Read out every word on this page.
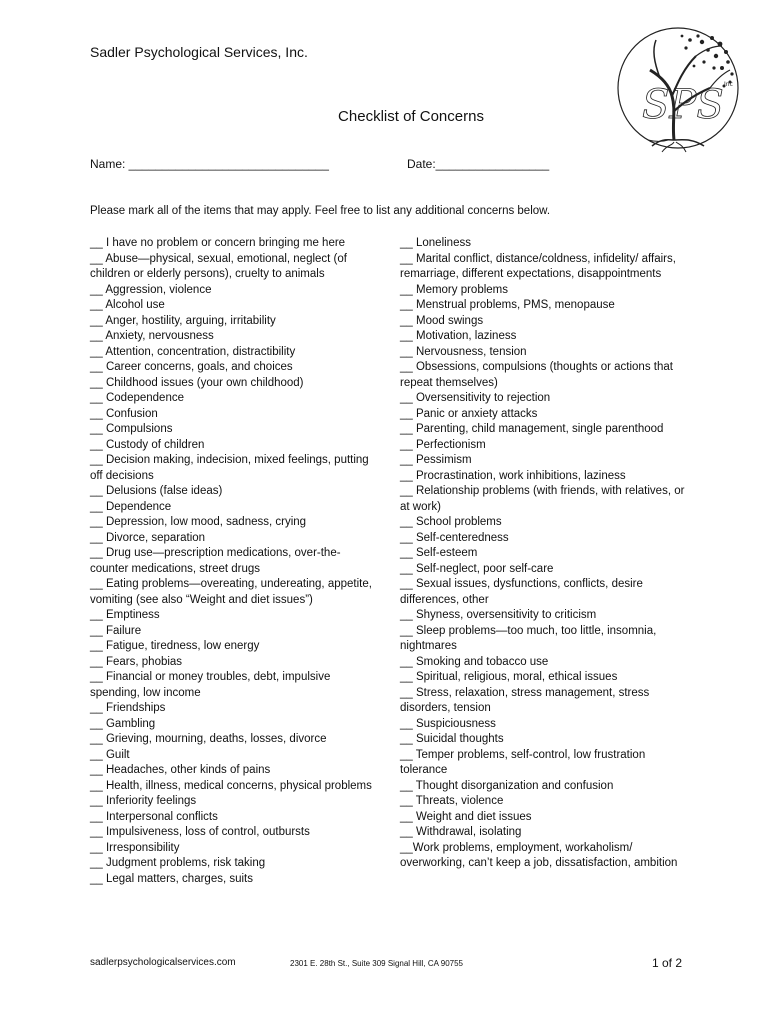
Sadler Psychological Services, Inc.
SPS Inc
Checklist of Concerns
Name: ______________________________	Date:_________________
Please mark all of the items that may apply. Feel free to list any additional concerns below.

__ I have no problem or concern bringing me here

__ Abuse—physical, sexual, emotional, neglect (of children or elderly persons), cruelty to animals

__ Aggression, violence

__ Alcohol use

__ Anger, hostility, arguing, irritability

__ Anxiety, nervousness

__ Attention, concentration, distractibility

__ Career concerns, goals, and choices

__ Childhood issues (your own childhood)

__ Codependence

__ Confusion

__ Compulsions

__ Custody of children

__ Decision making, indecision, mixed feelings, putting off decisions

__ Delusions (false ideas)

__ Dependence

__ Depression, low mood, sadness, crying

__ Divorce, separation

__ Drug use—prescription medications, over-the-counter medications, street drugs

__ Eating problems—overeating, undereating, appetite, vomiting (see also “Weight and diet issues”)

__ Emptiness

__ Failure

__ Fatigue, tiredness, low energy

__ Fears, phobias

__ Financial or money troubles, debt, impulsive spending, low income

__ Friendships

__ Gambling

__ Grieving, mourning, deaths, losses, divorce

__ Guilt

__ Headaches, other kinds of pains

__ Health, illness, medical concerns, physical problems

__ Inferiority feelings

__ Interpersonal conflicts

__ Impulsiveness, loss of control, outbursts

__ Irresponsibility

__ Judgment problems, risk taking

__ Legal matters, charges, suits

__ Loneliness

__ Marital conflict, distance/coldness, infidelity/ affairs, remarriage, different expectations, disappointments

__ Memory problems

__ Menstrual problems, PMS, menopause

__ Mood swings

__ Motivation, laziness

__ Nervousness, tension

__ Obsessions, compulsions (thoughts or actions that repeat themselves)

__ Oversensitivity to rejection

__ Panic or anxiety attacks

__ Parenting, child management, single parenthood

__ Perfectionism

__ Pessimism

__ Procrastination, work inhibitions, laziness

__ Relationship problems (with friends, with relatives, or at work)

__ School problems

__ Self-centeredness

__ Self-esteem

__ Self-neglect, poor self-care

__ Sexual issues, dysfunctions, conflicts, desire differences, other

__ Shyness, oversensitivity to criticism

__ Sleep problems—too much, too little, insomnia, nightmares

__ Smoking and tobacco use

__ Spiritual, religious, moral, ethical issues

__ Stress, relaxation, stress management, stress disorders, tension

__ Suspiciousness

__ Suicidal thoughts

__ Temper problems, self-control, low frustration tolerance

__ Thought disorganization and confusion

__ Threats, violence

__ Weight and diet issues

__ Withdrawal, isolating

__Work problems, employment, workaholism/ overworking, can’t keep a job, dissatisfaction, ambition

sadlerpsychologicalservices.com	2301 E. 28th St., Suite 309 Signal Hill, CA 90755	1 of 2
